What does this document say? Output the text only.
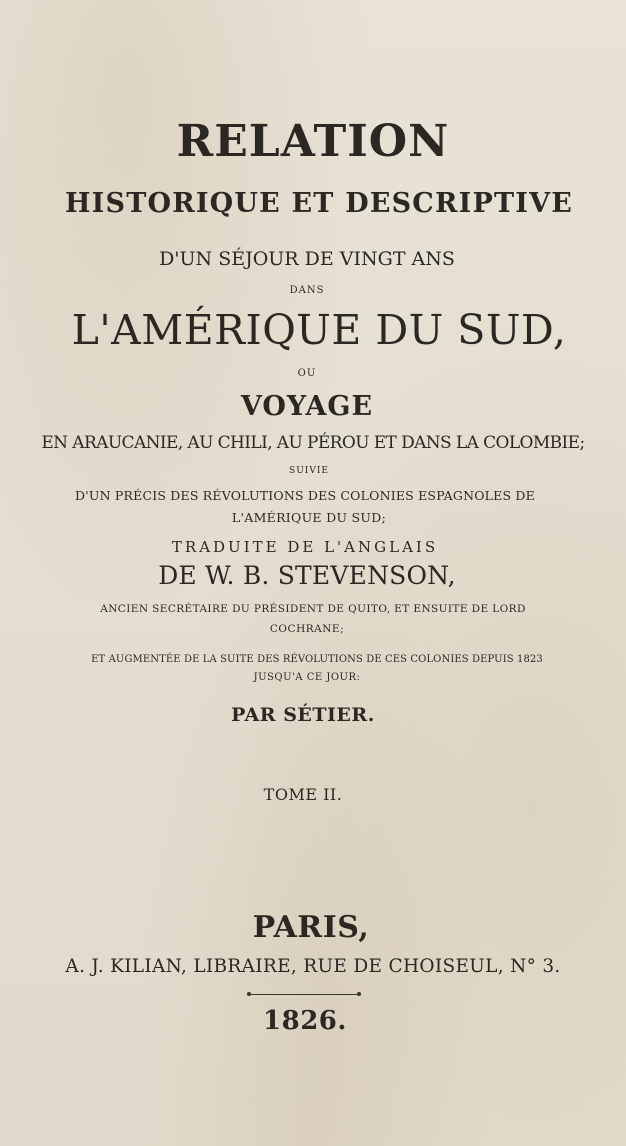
RELATION
HISTORIQUE ET DESCRIPTIVE
D'UN SÉJOUR DE VINGT ANS
DANS
L'AMÉRIQUE DU SUD,
OU
VOYAGE
EN ARAUCANIE, AU CHILI, AU PÉROU ET DANS LA COLOMBIE;
SUIVIE
D'UN PRÉCIS DES RÉVOLUTIONS DES COLONIES ESPAGNOLES DE
L'AMÉRIQUE DU SUD;
TRADUITE DE L'ANGLAIS
DE W. B. STEVENSON,
ANCIEN SECRÉTAIRE DU PRÉSIDENT DE QUITO, ET ENSUITE DE LORD
COCHRANE;
ET AUGMENTÉE DE LA SUITE DES RÉVOLUTIONS DE CES COLONIES DEPUIS 1823
JUSQU'A CE JOUR:
PAR SÉTIER.
TOME II.
PARIS,
A. J. KILIAN, LIBRAIRE, RUE DE CHOISEUL, N° 3.
1826.
